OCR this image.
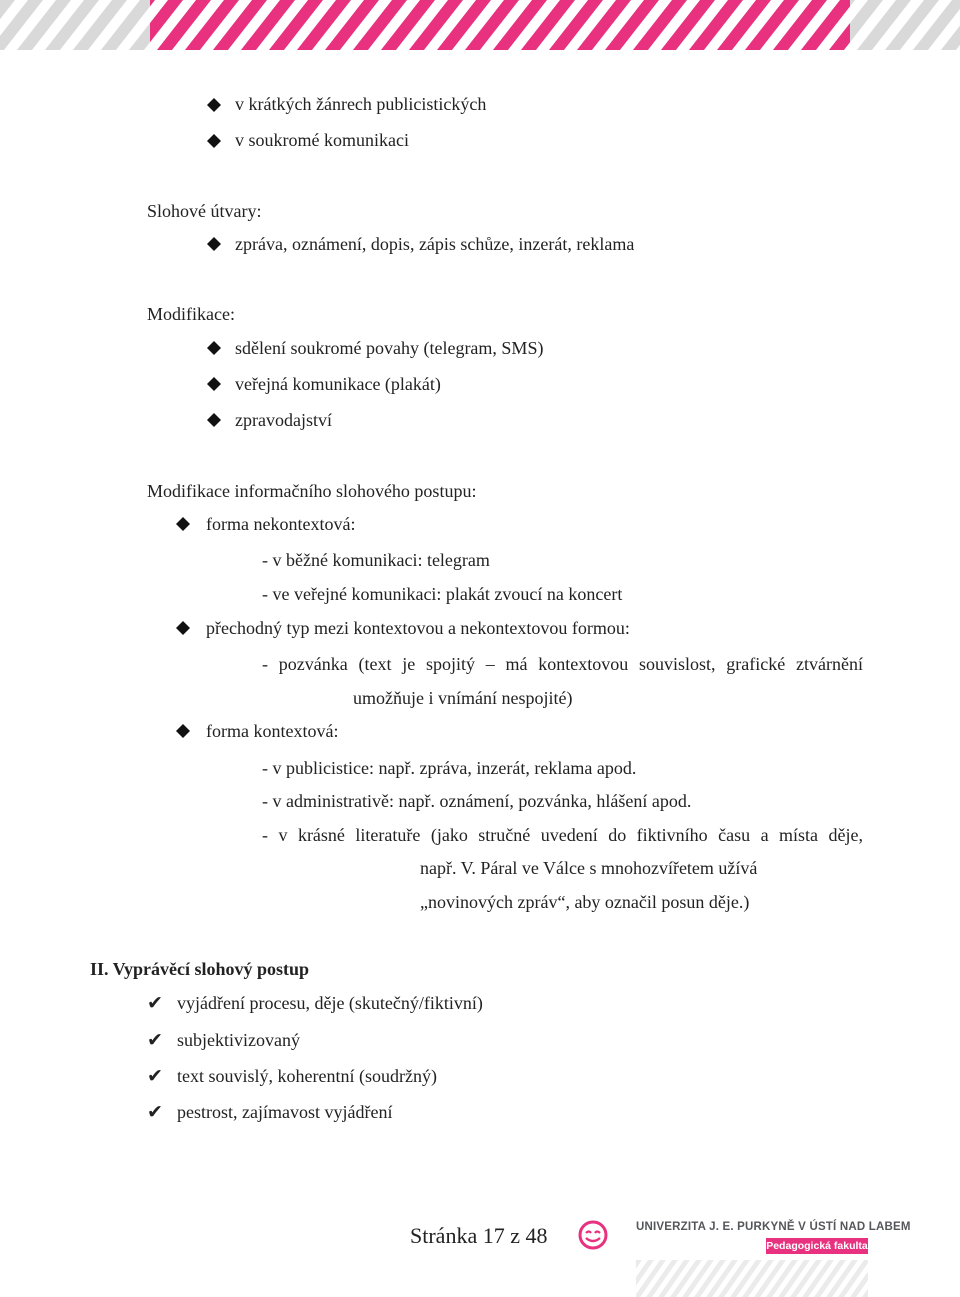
v krátkých žánrech publicistických
v soukromé komunikaci
Slohové útvary:
zpráva, oznámení, dopis, zápis schůze, inzerát, reklama
Modifikace:
sdělení soukromé povahy (telegram, SMS)
veřejná komunikace (plakát)
zpravodajství
Modifikace informačního slohového postupu:
forma nekontextová:
- v běžné komunikaci: telegram
- ve veřejné komunikaci: plakát zvoucí na koncert
přechodný typ mezi kontextovou a nekontextovou formou:
- pozvánka (text je spojitý – má kontextovou souvislost, grafické ztvárnění
umožňuje i vnímání nespojité)
forma kontextová:
- v publicistice: např. zpráva, inzerát, reklama apod.
- v administrativě: např. oznámení, pozvánka, hlášení apod.
- v krásné literatuře (jako stručné uvedení do fiktivního času a místa děje,
např. V. Páral ve Válce s mnohozvířetem užívá
„novinových zpráv“, aby označil posun děje.)
II. Vyprávěcí slohový postup
✔ vyjádření procesu, děje (skutečný/fiktivní)
✔ subjektivizovaný
✔ text souvislý, koherentní (soudržný)
✔ pestrost, zajímavost vyjádření
Stránka 17 z 48	UNIVERZITA J. E. PURKYNĚ V ÚSTÍ NAD LABEM
Pedagogická fakulta
